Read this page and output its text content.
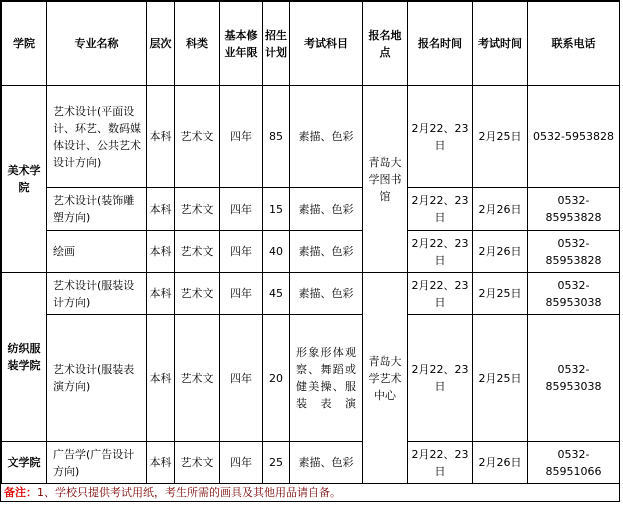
学院	专业名称	层次	科类	基本修业年限	招生计划	考试科目	报名地点	报名时间	考试时间	联系电话
美术学院	艺术设计(平面设计、环艺、数码媒体设计、公共艺术设计方向)	本科	艺术文	四年	85	素描、色彩	青岛大学图书馆	2月22、23日	2月25日	0532-5953828
	艺术设计(装饰雕塑方向)	本科	艺术文	四年	15	素描、色彩		2月22、23日	2月26日	0532-85953828
	绘画	本科	艺术文	四年	40	素描、色彩		2月22、23日	2月26日	0532-85953828
纺织服装学院	艺术设计(服装设计方向)	本科	艺术文	四年	45	素描、色彩	青岛大学艺术中心	2月22、23日	2月25日	0532-85953038
	艺术设计(服装表演方向)	本科	艺术文	四年	20	形象形体观察、舞蹈或健美操、服装表演		2月22、23日	2月25日	0532-85953038
文学院	广告学(广告设计方向)	本科	艺术文	四年	25	素描、色彩		2月22、23日	2月26日	0532-85951066
备注：1、学校只提供考试用纸，考生所需的画具及其他用品请自备。
